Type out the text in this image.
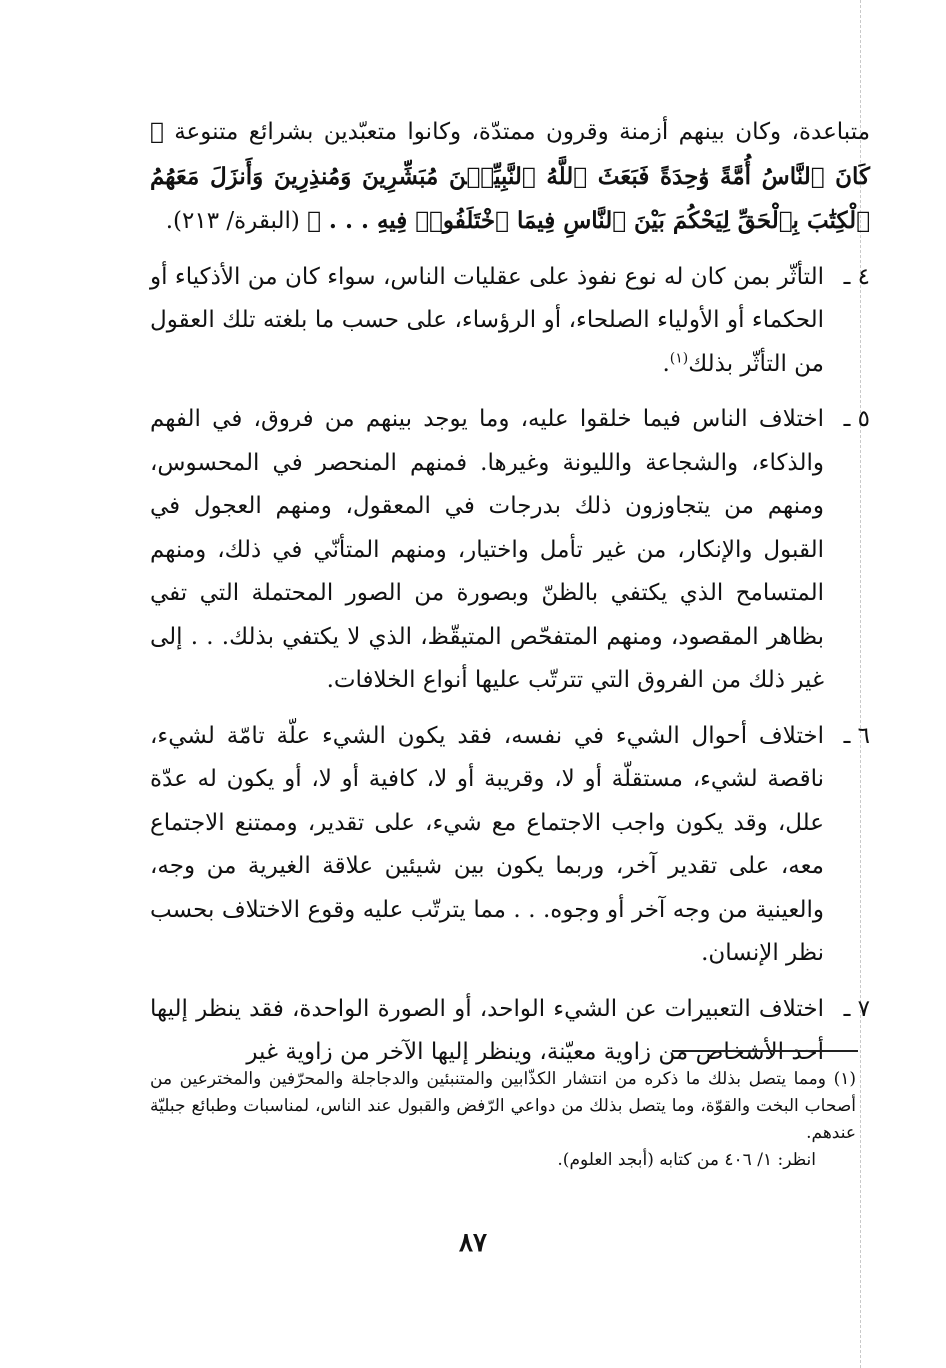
متباعدة، وكان بينهم أزمنة وقرون ممتدّة، وكانوا متعبّدين بشرائع متنوعة ﴿ كَانَ ٱلنَّاسُ أُمَّةً وَٰحِدَةً فَبَعَثَ ٱللَّهُ ٱلنَّبِيِّـۧنَ مُبَشِّرِينَ وَمُنذِرِينَ وَأَنزَلَ مَعَهُمُ ٱلْكِتَٰبَ بِٱلْحَقِّ لِيَحْكُمَ بَيْنَ ٱلنَّاسِ فِيمَا ٱخْتَلَفُوا۟ فِيهِ . . . ﴾ (البقرة/ ٢١٣).

٤ ـ
التأثّر بمن كان له نوع نفوذ على عقليات الناس، سواء كان من الأذكياء أو الحكماء أو الأولياء الصلحاء، أو الرؤساء، على حسب ما بلغته تلك العقول من التأثّر بذلك$^{(١)}$.

٥ ـ
اختلاف الناس فيما خلقوا عليه، وما يوجد بينهم من فروق، في الفهم والذكاء، والشجاعة والليونة وغيرها. فمنهم المنحصر في المحسوس، ومنهم من يتجاوزون ذلك بدرجات في المعقول، ومنهم العجول في القبول والإنكار، من غير تأمل واختيار، ومنهم المتأنّي في ذلك، ومنهم المتسامح الذي يكتفي بالظنّ وبصورة من الصور المحتملة التي تفي بظاهر المقصود، ومنهم المتفحّص المتيقّظ، الذي لا يكتفي بذلك. . . إلى غير ذلك من الفروق التي تترتّب عليها أنواع الخلافات.

٦ ـ
اختلاف أحوال الشيء في نفسه، فقد يكون الشيء علّة تامّة لشيء، ناقصة لشيء، مستقلّة أو لا، وقريبة أو لا، كافية أو لا، أو يكون له عدّة علل، وقد يكون واجب الاجتماع مع شيء، على تقدير، وممتنع الاجتماع معه، على تقدير آخر، وربما يكون بين شيئين علاقة الغيرية من وجه، والعينية من وجه آخر أو وجوه. . . مما يترتّب عليه وقوع الاختلاف بحسب نظر الإنسان.

٧ ـ
اختلاف التعبيرات عن الشيء الواحد، أو الصورة الواحدة، فقد ينظر إليها أحد الأشخاص من زاوية معيّنة، وينظر إليها الآخر من زاوية غير

(١) ومما يتصل بذلك ما ذكره من انتشار الكذّابين والمتنبئين والدجاجلة والمحرّفين والمخترعين من أصحاب البخت والقوّة، وما يتصل بذلك من دواعي الرّفض والقبول عند الناس، لمناسبات وطبائع جبليّة عندهم.

انظر: ١/ ٤٠٦ من كتابه (أبجد العلوم).

٨٧
